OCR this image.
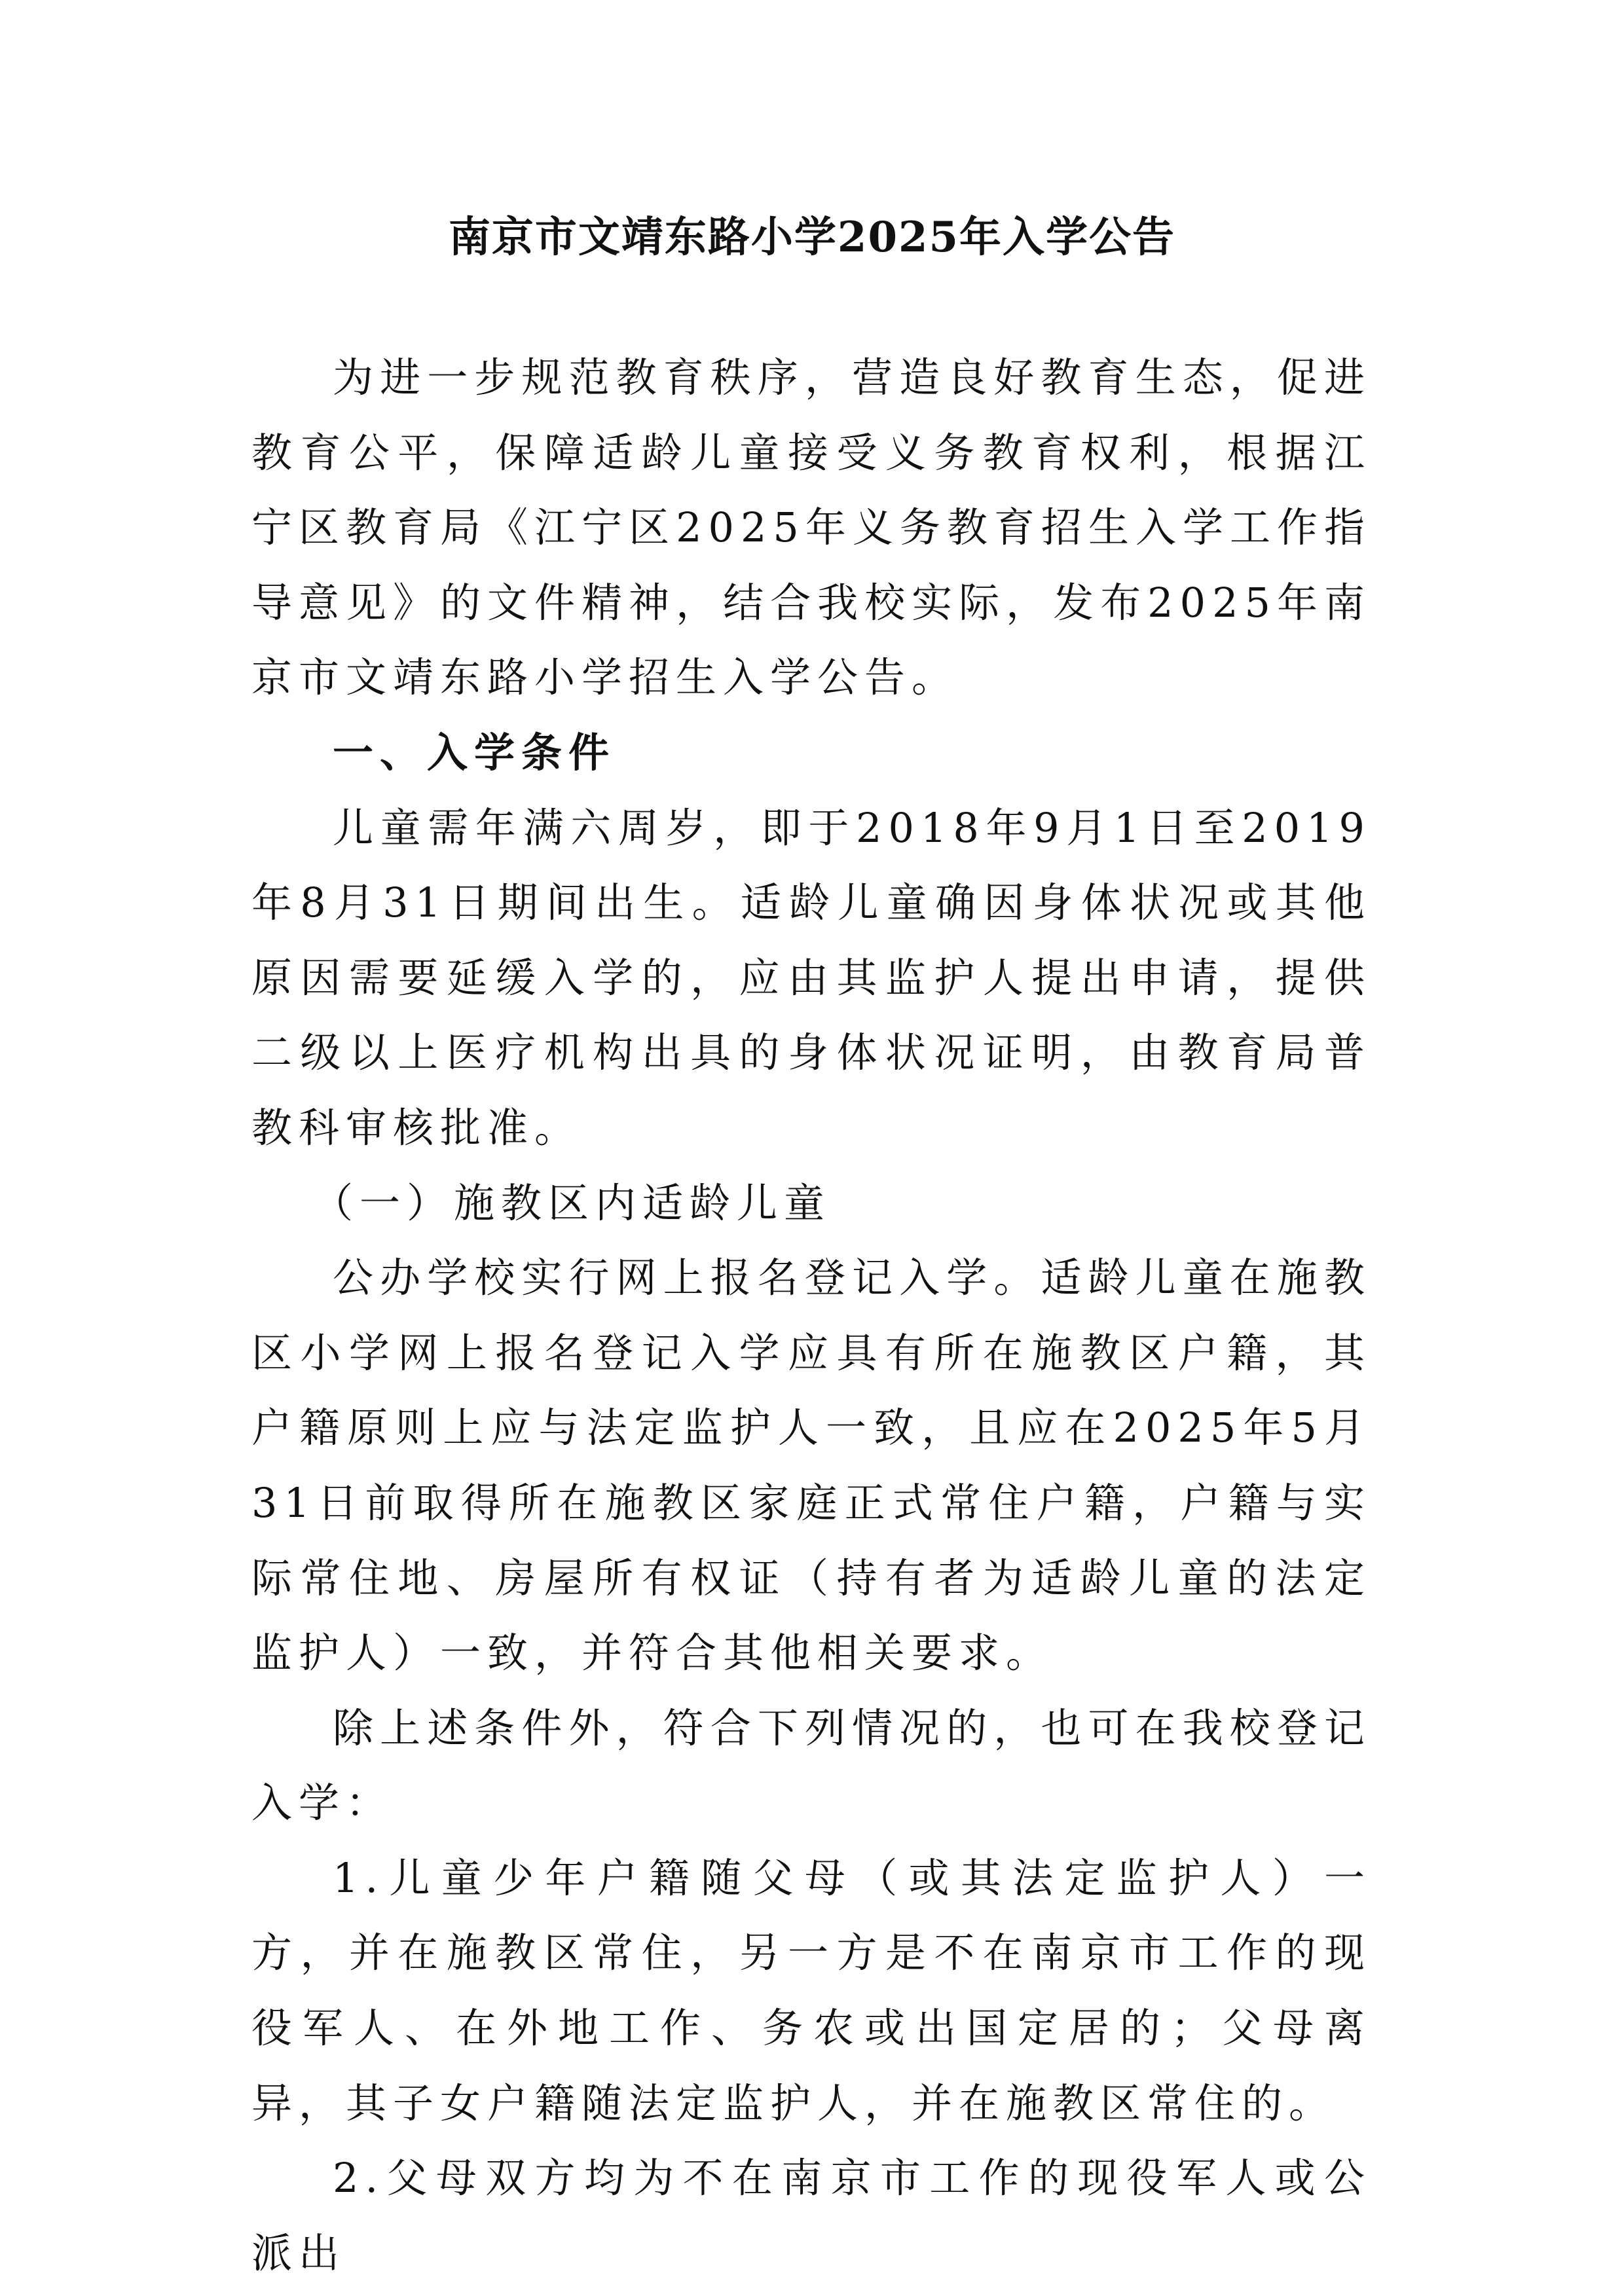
南京市文靖东路小学2025年入学公告

为进一步规范教育秩序，营造良好教育生态，促进教育公平，保障适龄儿童接受义务教育权利，根据江宁区教育局《江宁区2025年义务教育招生入学工作指导意见》的文件精神，结合我校实际，发布2025年南京市文靖东路小学招生入学公告。

一、入学条件

儿童需年满六周岁，即于2018年9月1日至2019年8月31日期间出生。适龄儿童确因身体状况或其他原因需要延缓入学的，应由其监护人提出申请，提供二级以上医疗机构出具的身体状况证明，由教育局普教科审核批准。

（一）施教区内适龄儿童

公办学校实行网上报名登记入学。适龄儿童在施教区小学网上报名登记入学应具有所在施教区户籍，其户籍原则上应与法定监护人一致，且应在2025年5月31日前取得所在施教区家庭正式常住户籍，户籍与实际常住地、房屋所有权证（持有者为适龄儿童的法定监护人）一致，并符合其他相关要求。

除上述条件外，符合下列情况的，也可在我校登记入学：

1.儿童少年户籍随父母（或其法定监护人）一方，并在施教区常住，另一方是不在南京市工作的现役军人、在外地工作、务农或出国定居的；父母离异，其子女户籍随法定监护人，并在施教区常住的。

2.父母双方均为不在南京市工作的现役军人或公派出
